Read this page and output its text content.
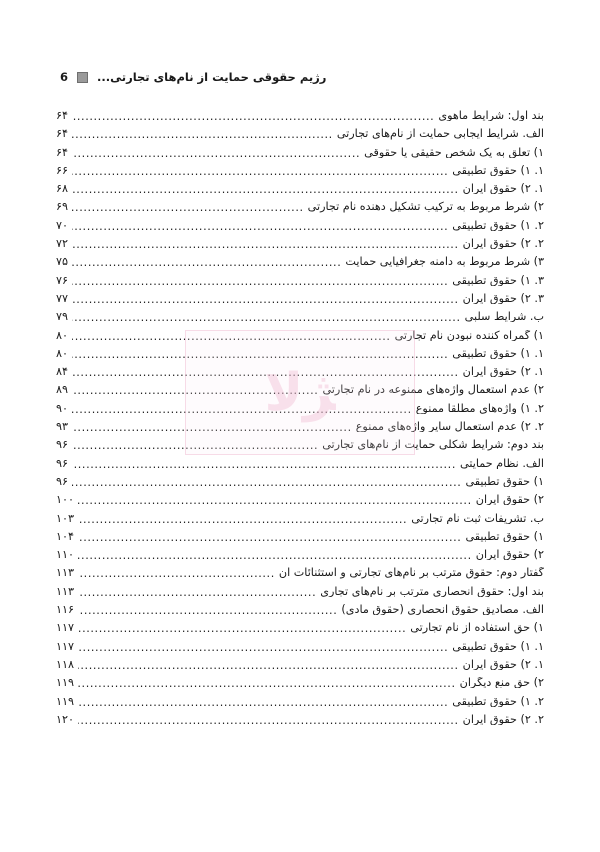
6	رژیم حقوقی حمایت از نام‌های تجارتی...
بند اول: شرایط ماهوی
.....
۶۴
الف. شرایط ایجابی حمایت از نام‌های تجارتی
.....
۶۴
۱) تعلق به یک شخص حقیقی یا حقوقی
.....
۶۴
۱. ۱) حقوق تطبیقی
.....
۶۶
۱. ۲) حقوق ایران
.....
۶۸
۲) شرط مربوط به ترکیب تشکیل دهنده نام تجارتی
.....
۶۹
۲. ۱) حقوق تطبیقی
.....
۷۰
۲. ۲) حقوق ایران
.....
۷۲
۳) شرط مربوط به دامنه جغرافیایی حمایت
.....
۷۵
۳. ۱) حقوق تطبیقی
.....
۷۶
۳. ۲) حقوق ایران
.....
۷۷
ب. شرایط سلبی
.....
۷۹
۱) گمراه کننده نبودن نام تجارتی
.....
۸۰
۱. ۱) حقوق تطبیقی
.....
۸۰
۱. ۲) حقوق ایران
.....
۸۴
۲) عدم استعمال واژه‌های ممنوعه در نام تجارتی
.....
۸۹
۲. ۱) واژه‌های مطلقاً ممنوع
.....
۹۰
۲. ۲) عدم استعمال سایر واژه‌های ممنوع
.....
۹۳
بند دوم: شرایط شکلی حمایت از نام‌های تجارتی
.....
۹۶
الف. نظام حمایتی
.....
۹۶
۱) حقوق تطبیقی
.....
۹۶
۲) حقوق ایران
.....
۱۰۰
ب. تشریفات ثبت نام تجارتی
.....
۱۰۳
۱) حقوق تطبیقی
.....
۱۰۴
۲) حقوق ایران
.....
۱۱۰
گفتار دوم: حقوق مترتب بر نام‌های تجارتی و استثنائات آن
.....
۱۱۳
بند اول: حقوق انحصاری مترتب بر نام‌های تجاری
.....
۱۱۳
الف. مصادیق حقوق انحصاری (حقوق مادی)
.....
۱۱۶
۱) حق استفاده از نام تجارتی
.....
۱۱۷
۱. ۱) حقوق تطبیقی
.....
۱۱۷
۱. ۲) حقوق ایران
.....
۱۱۸
۲) حق منع دیگران
.....
۱۱۹
۲. ۱) حقوق تطبیقی
.....
۱۱۹
۲. ۲) حقوق ایران
.....
۱۲۰
ﮋﻻ
